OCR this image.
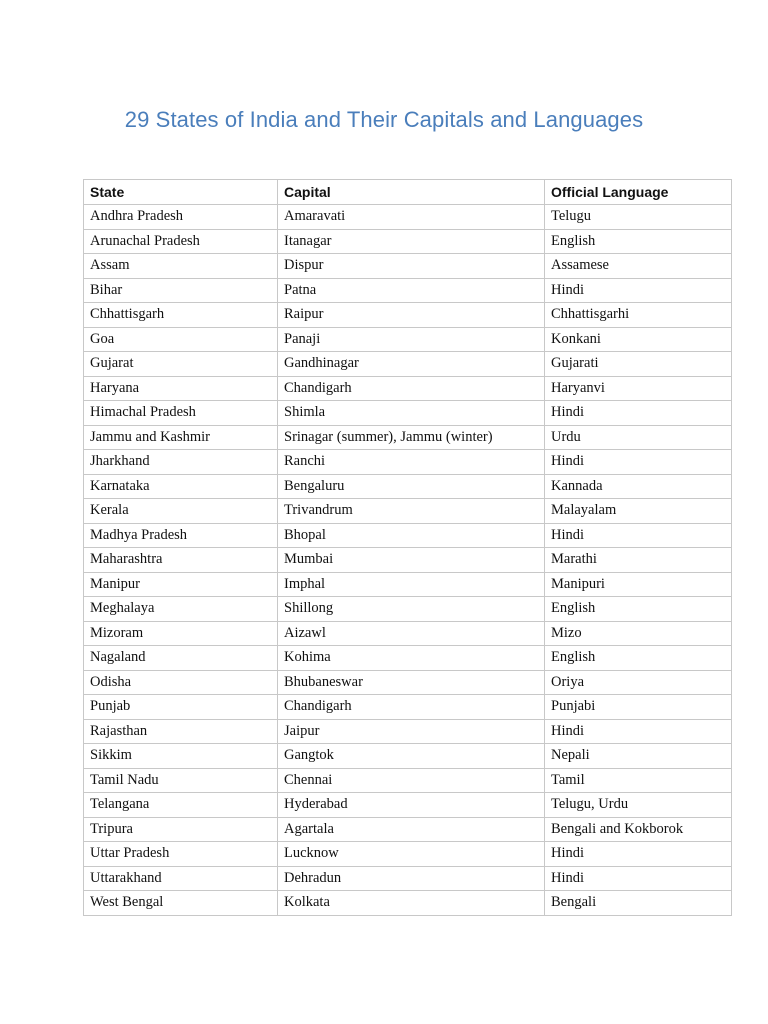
29 States of India and Their Capitals and Languages
State	Capital	Official Language
Andhra Pradesh	Amaravati	Telugu
Arunachal Pradesh	Itanagar	English
Assam	Dispur	Assamese
Bihar	Patna	Hindi
Chhattisgarh	Raipur	Chhattisgarhi
Goa	Panaji	Konkani
Gujarat	Gandhinagar	Gujarati
Haryana	Chandigarh	Haryanvi
Himachal Pradesh	Shimla	Hindi
Jammu and Kashmir	Srinagar (summer), Jammu (winter)	Urdu
Jharkhand	Ranchi	Hindi
Karnataka	Bengaluru	Kannada
Kerala	Trivandrum	Malayalam
Madhya Pradesh	Bhopal	Hindi
Maharashtra	Mumbai	Marathi
Manipur	Imphal	Manipuri
Meghalaya	Shillong	English
Mizoram	Aizawl	Mizo
Nagaland	Kohima	English
Odisha	Bhubaneswar	Oriya
Punjab	Chandigarh	Punjabi
Rajasthan	Jaipur	Hindi
Sikkim	Gangtok	Nepali
Tamil Nadu	Chennai	Tamil
Telangana	Hyderabad	Telugu, Urdu
Tripura	Agartala	Bengali and Kokborok
Uttar Pradesh	Lucknow	Hindi
Uttarakhand	Dehradun	Hindi
West Bengal	Kolkata	Bengali
